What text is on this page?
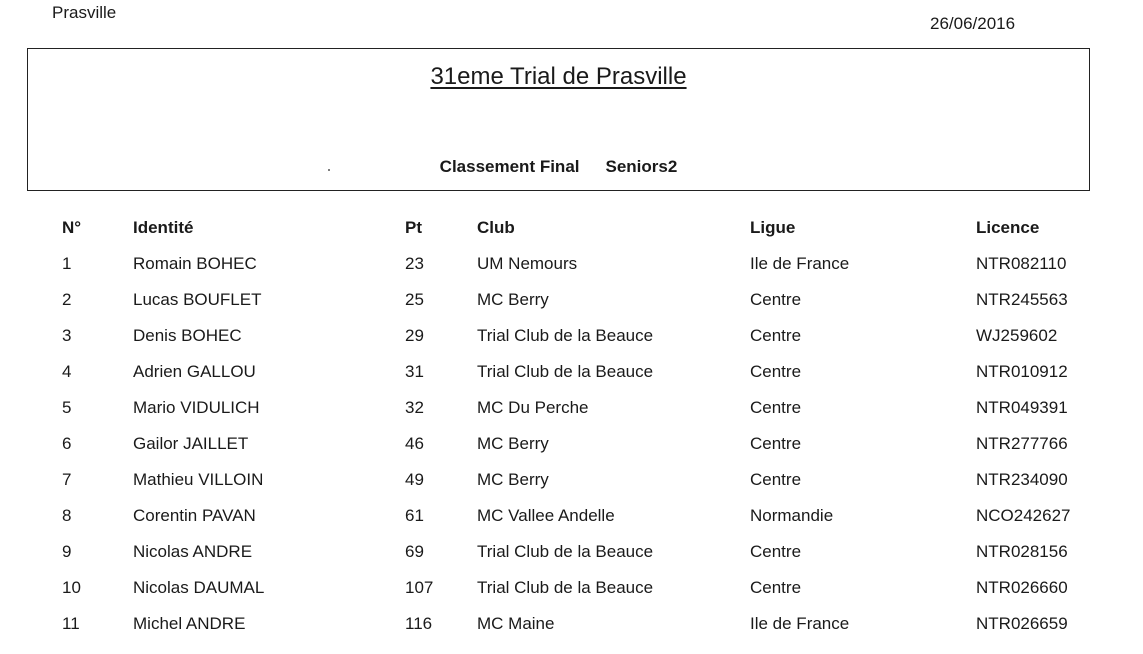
Prasville
26/06/2016
31eme Trial de Prasville
Classement Final Seniors2
N°	Identité	Pt	Club	Ligue	Licence
1	Romain BOHEC	23	UM Nemours	Ile de France	NTR082110
2	Lucas BOUFLET	25	MC Berry	Centre	NTR245563
3	Denis BOHEC	29	Trial Club de la Beauce	Centre	WJ259602
4	Adrien GALLOU	31	Trial Club de la Beauce	Centre	NTR010912
5	Mario VIDULICH	32	MC Du Perche	Centre	NTR049391
6	Gailor JAILLET	46	MC Berry	Centre	NTR277766
7	Mathieu VILLOIN	49	MC Berry	Centre	NTR234090
8	Corentin PAVAN	61	MC Vallee Andelle	Normandie	NCO242627
9	Nicolas ANDRE	69	Trial Club de la Beauce	Centre	NTR028156
10	Nicolas DAUMAL	107	Trial Club de la Beauce	Centre	NTR026660
11	Michel ANDRE	116	MC Maine	Ile de France	NTR026659
